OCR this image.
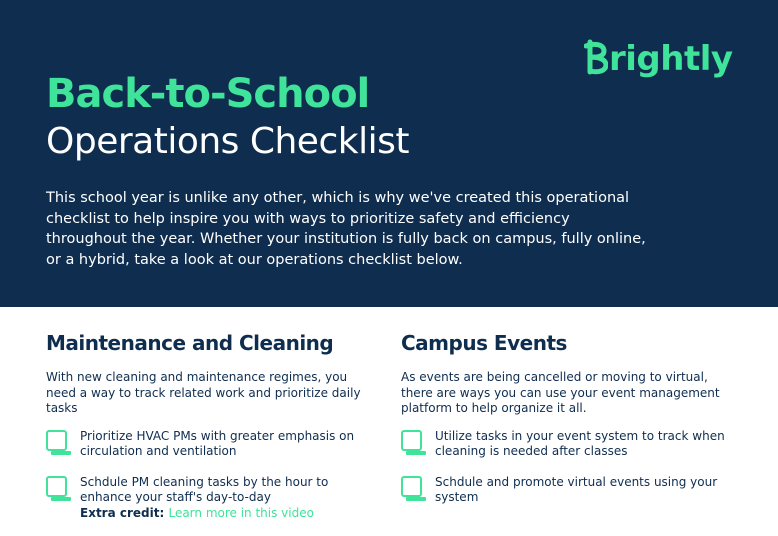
rightly
Back-to-School
Operations Checklist

This school year is unlike any other, which is why we've created this operational checklist to help inspire you with ways to prioritize safety and efficiency throughout the year. Whether your institution is fully back on campus, fully online, or a hybrid, take a look at our operations checklist below.

Maintenance and Cleaning

With new cleaning and maintenance regimes, you need a way to track related work and prioritize daily tasks

Prioritize HVAC PMs with greater emphasis on circulation and ventilation
Schdule PM cleaning tasks by the hour to enhance your staff's day-to-day
Extra credit: Learn more in this video
Campus Events

As events are being cancelled or moving to virtual, there are ways you can use your event management platform to help organize it all.

Utilize tasks in your event system to track when cleaning is needed after classes
Schdule and promote virtual events using your system
